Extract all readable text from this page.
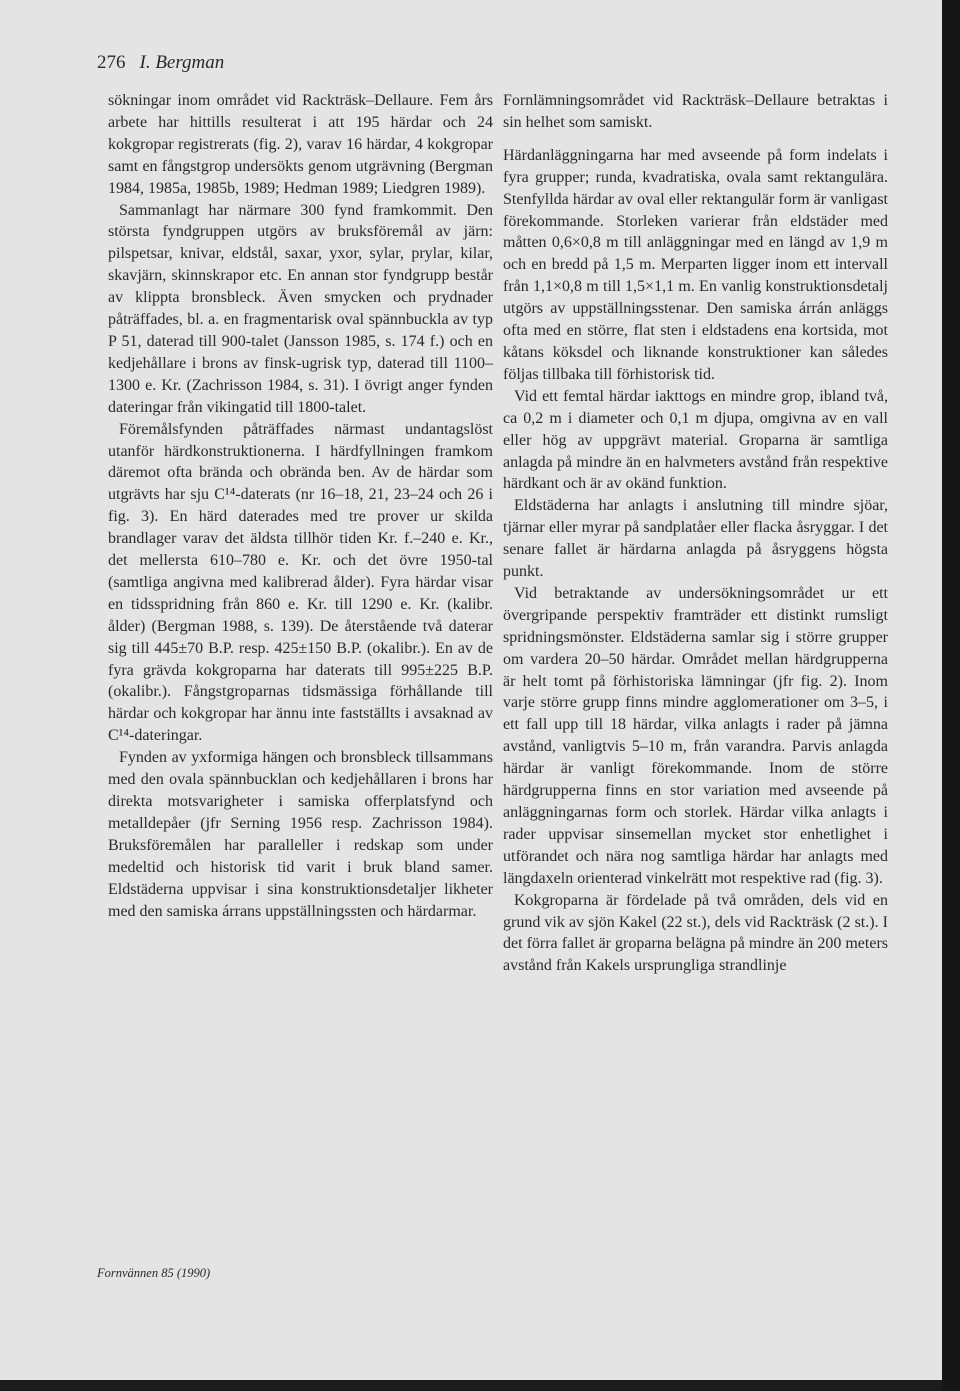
276 I. Bergman

sökningar inom området vid Rackträsk–Dellaure. Fem års arbete har hittills resulterat i att 195 härdar och 24 kokgropar registrerats (fig. 2), varav 16 härdar, 4 kokgropar samt en fångstgrop undersökts genom utgrävning (Bergman 1984, 1985a, 1985b, 1989; Hedman 1989; Liedgren 1989).

Sammanlagt har närmare 300 fynd framkommit. Den största fyndgruppen utgörs av bruksföremål av järn: pilspetsar, knivar, eldstål, saxar, yxor, sylar, prylar, kilar, skavjärn, skinnskrapor etc. En annan stor fyndgrupp består av klippta bronsbleck. Även smycken och prydnader påträffades, bl. a. en fragmentarisk oval spännbuckla av typ P 51, daterad till 900-talet (Jansson 1985, s. 174 f.) och en kedjehållare i brons av finsk-ugrisk typ, daterad till 1100–1300 e. Kr. (Zachrisson 1984, s. 31). I övrigt anger fynden dateringar från vikingatid till 1800-talet.

Föremålsfynden påträffades närmast undantagslöst utanför härdkonstruktionerna. I härdfyllningen framkom däremot ofta brända och obrända ben. Av de härdar som utgrävts har sju C¹⁴-daterats (nr 16–18, 21, 23–24 och 26 i fig. 3). En härd daterades med tre prover ur skilda brandlager varav det äldsta tillhör tiden Kr. f.–240 e. Kr., det mellersta 610–780 e. Kr. och det övre 1950-tal (samtliga angivna med kalibrerad ålder). Fyra härdar visar en tidsspridning från 860 e. Kr. till 1290 e. Kr. (kalibr. ålder) (Bergman 1988, s. 139). De återstående två daterar sig till 445±70 B.P. resp. 425±150 B.P. (okalibr.). En av de fyra grävda kokgroparna har daterats till 995±225 B.P. (okalibr.). Fångstgroparnas tidsmässiga förhållande till härdar och kokgropar har ännu inte fastställts i avsaknad av C¹⁴-dateringar.

Fynden av yxformiga hängen och bronsbleck tillsammans med den ovala spännbucklan och kedjehållaren i brons har direkta motsvarigheter i samiska offerplatsfynd och metalldepåer (jfr Serning 1956 resp. Zachrisson 1984). Bruksföremålen har paralleller i redskap som under medeltid och historisk tid varit i bruk bland samer. Eldstäderna uppvisar i sina konstruktionsdetaljer likheter med den samiska árrans uppställningssten och härdarmar.

Fornlämningsområdet vid Rackträsk–Dellaure betraktas i sin helhet som samiskt.

Härdanläggningarna har med avseende på form indelats i fyra grupper; runda, kvadratiska, ovala samt rektangulära. Stenfyllda härdar av oval eller rektangulär form är vanligast förekommande. Storleken varierar från eldstäder med måtten 0,6×0,8 m till anläggningar med en längd av 1,9 m och en bredd på 1,5 m. Merparten ligger inom ett intervall från 1,1×0,8 m till 1,5×1,1 m. En vanlig konstruktionsdetalj utgörs av uppställningsstenar. Den samiska árrán anläggs ofta med en större, flat sten i eldstadens ena kortsida, mot kåtans köksdel och liknande konstruktioner kan således följas tillbaka till förhistorisk tid.

Vid ett femtal härdar iakttogs en mindre grop, ibland två, ca 0,2 m i diameter och 0,1 m djupa, omgivna av en vall eller hög av uppgrävt material. Groparna är samtliga anlagda på mindre än en halvmeters avstånd från respektive härdkant och är av okänd funktion.

Eldstäderna har anlagts i anslutning till mindre sjöar, tjärnar eller myrar på sandplatåer eller flacka åsryggar. I det senare fallet är härdarna anlagda på åsryggens högsta punkt.

Vid betraktande av undersökningsområdet ur ett övergripande perspektiv framträder ett distinkt rumsligt spridningsmönster. Eldstäderna samlar sig i större grupper om vardera 20–50 härdar. Området mellan härdgrupperna är helt tomt på förhistoriska lämningar (jfr fig. 2). Inom varje större grupp finns mindre agglomerationer om 3–5, i ett fall upp till 18 härdar, vilka anlagts i rader på jämna avstånd, vanligtvis 5–10 m, från varandra. Parvis anlagda härdar är vanligt förekommande. Inom de större härdgrupperna finns en stor variation med avseende på anläggningarnas form och storlek. Härdar vilka anlagts i rader uppvisar sinsemellan mycket stor enhetlighet i utförandet och nära nog samtliga härdar har anlagts med längdaxeln orienterad vinkelrätt mot respektive rad (fig. 3).

Kokgroparna är fördelade på två områden, dels vid en grund vik av sjön Kakel (22 st.), dels vid Rackträsk (2 st.). I det förra fallet är groparna belägna på mindre än 200 meters avstånd från Kakels ursprungliga strandlinje

Fornvännen 85 (1990)
